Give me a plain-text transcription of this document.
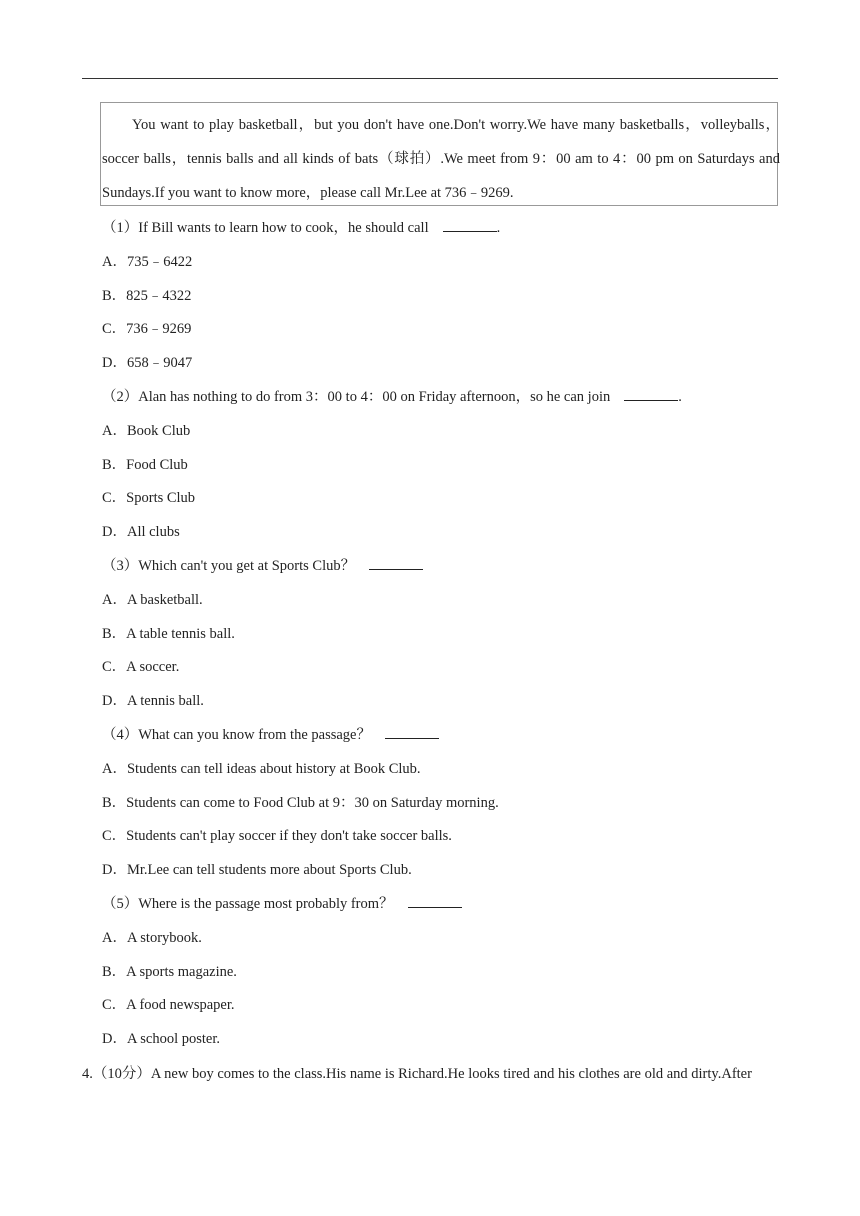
You want to play basketball，but you don't have one.Don't worry.We have many basketballs，volleyballs，soccer balls，tennis balls and all kinds of bats（球拍）.We meet from 9：00 am to 4：00 pm on Saturdays and Sundays.If you want to know more，please call Mr.Lee at 736﹣9269.
（1）If Bill wants to learn how to cook，he should call	.
A．735﹣6422
B．825﹣4322
C．736﹣9269
D．658﹣9047
（2）Alan has nothing to do from 3：00 to 4：00 on Friday afternoon，so he can join	.
A．Book Club
B．Food Club
C．Sports Club
D．All clubs
（3）Which can't you get at Sports Club？
A．A basketball.
B．A table tennis ball.
C．A soccer.
D．A tennis ball.
（4）What can you know from the passage？
A．Students can tell ideas about history at Book Club.
B．Students can come to Food Club at 9：30 on Saturday morning.
C．Students can't play soccer if they don't take soccer balls.
D．Mr.Lee can tell students more about Sports Club.
（5）Where is the passage most probably from？
A．A storybook.
B．A sports magazine.
C．A food newspaper.
D．A school poster.
4.（10分）A new boy comes to the class.His name is Richard.He looks tired and his clothes are old and dirty.After
